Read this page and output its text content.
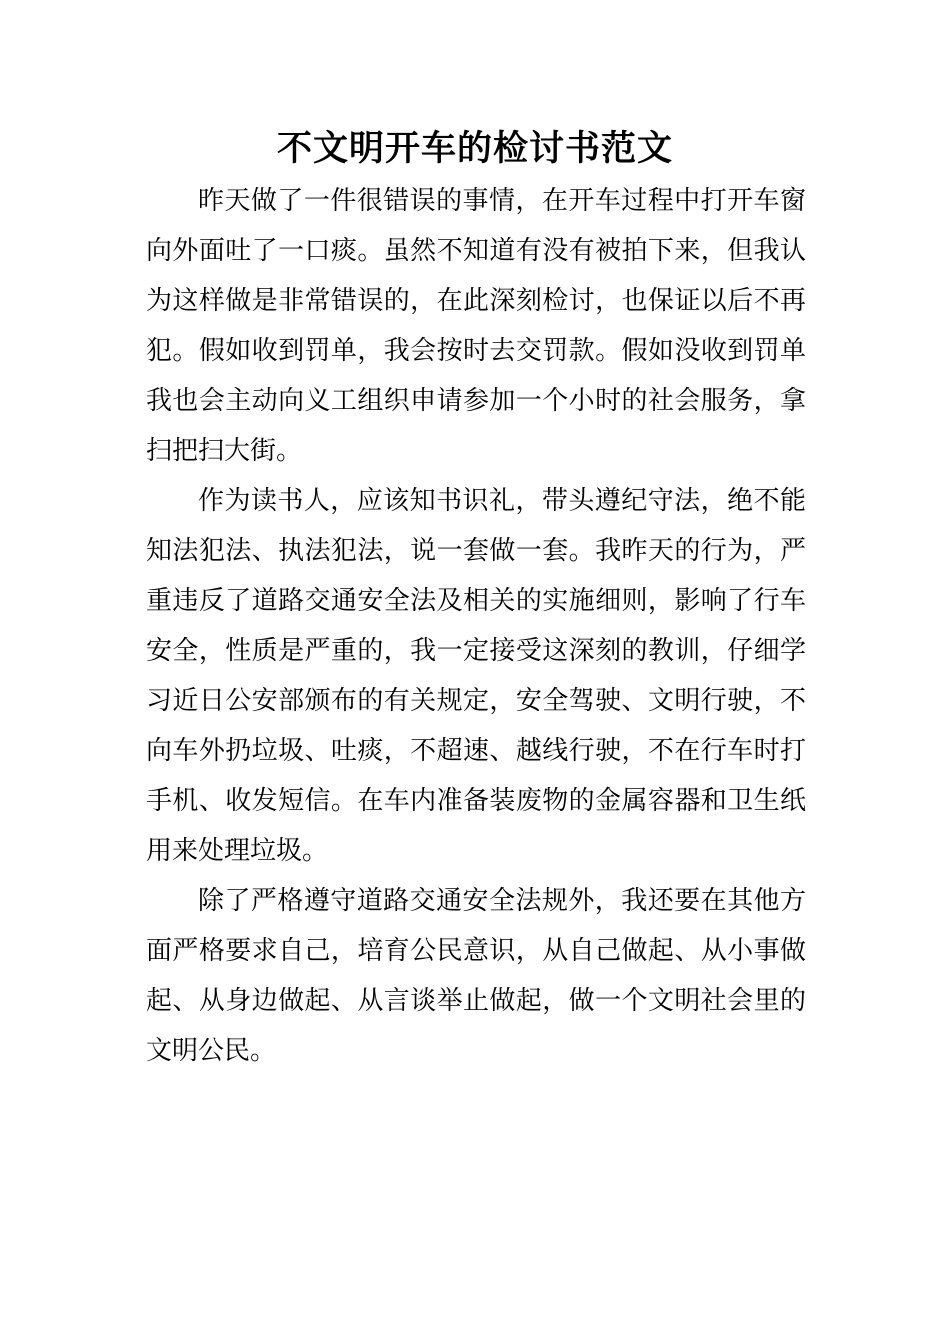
不文明开车的检讨书范文

昨天做了一件很错误的事情，在开车过程中打开车窗向外面吐了一口痰。虽然不知道有没有被拍下来，但我认为这样做是非常错误的，在此深刻检讨，也保证以后不再犯。假如收到罚单，我会按时去交罚款。假如没收到罚单我也会主动向义工组织申请参加一个小时的社会服务，拿扫把扫大街。

作为读书人，应该知书识礼，带头遵纪守法，绝不能知法犯法、执法犯法，说一套做一套。我昨天的行为，严重违反了道路交通安全法及相关的实施细则，影响了行车安全，性质是严重的，我一定接受这深刻的教训，仔细学习近日公安部颁布的有关规定，安全驾驶、文明行驶，不向车外扔垃圾、吐痰，不超速、越线行驶，不在行车时打手机、收发短信。在车内准备装废物的金属容器和卫生纸用来处理垃圾。

除了严格遵守道路交通安全法规外，我还要在其他方面严格要求自己，培育公民意识，从自己做起、从小事做起、从身边做起、从言谈举止做起，做一个文明社会里的文明公民。
